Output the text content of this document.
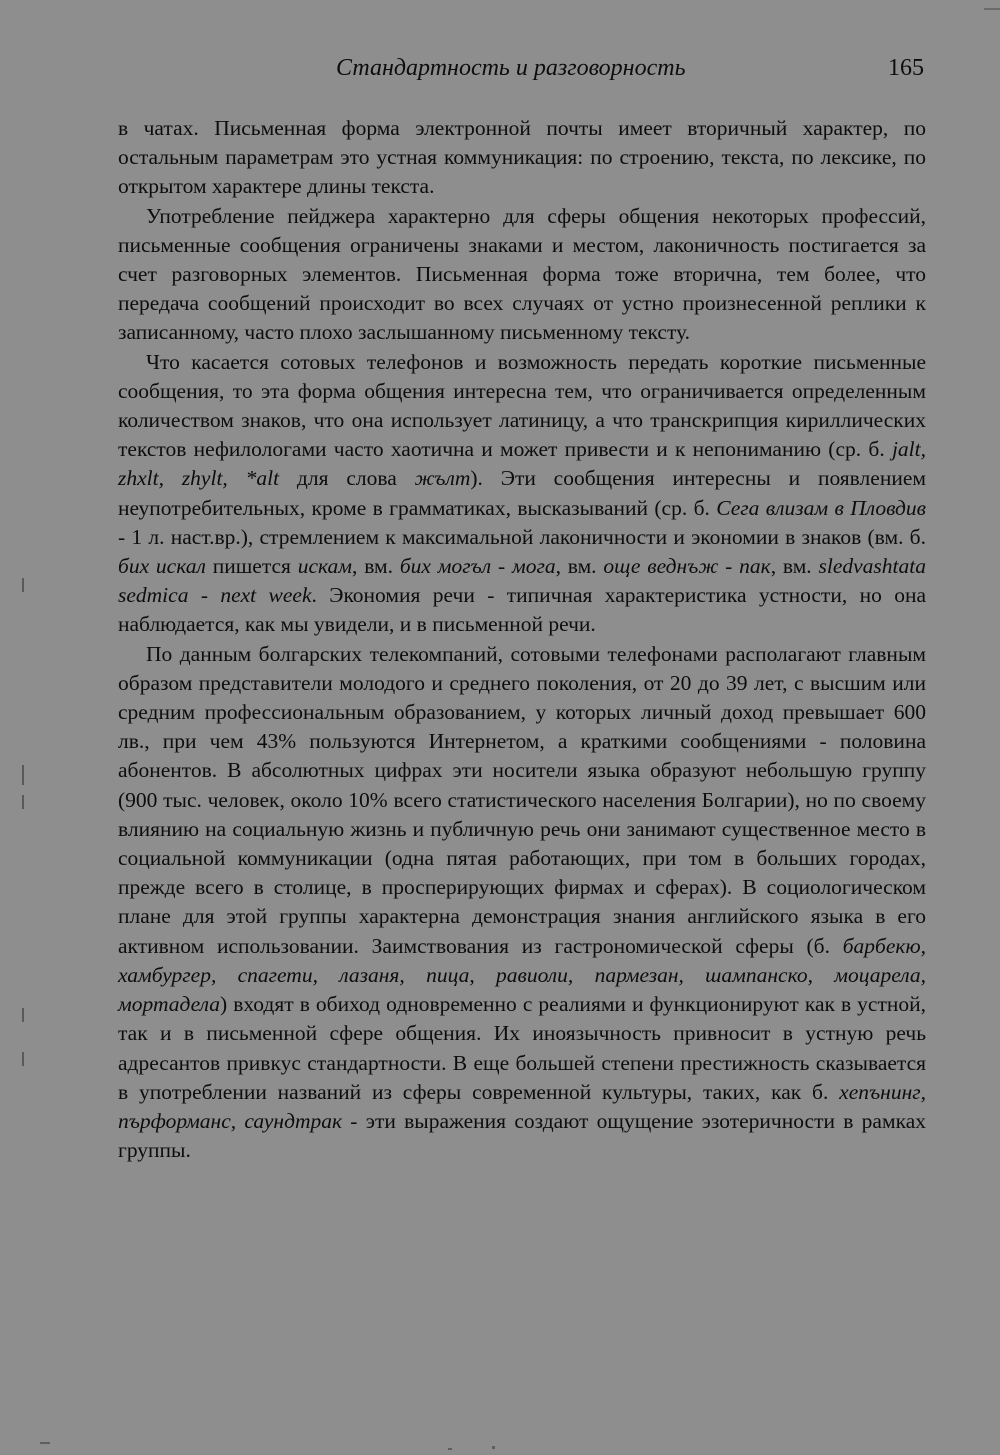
Стандартность и разговорность	165

в чатах. Письменная форма электронной почты имеет вторичный характер, по остальным параметрам это устная коммуникация: по строению, текста, по лексике, по открытом характере длины текста.

Употребление пейджера характерно для сферы общения некоторых профессий, письменные сообщения ограничены знаками и местом, лаконичность постигается за счет разговорных элементов. Письменная форма тоже вторична, тем более, что передача сообщений происходит во всех случаях от устно произнесенной реплики к записанному, часто плохо заслышанному письменному тексту.

Что касается сотовых телефонов и возможность передать короткие письменные сообщения, то эта форма общения интересна тем, что ограничивается определенным количеством знаков, что она использует латиницу, а что транскрипция кириллических текстов нефилологами часто хаотична и может привести и к непониманию (ср. б. jalt, zhxlt, zhylt, *alt для слова жълт). Эти сообщения интересны и появлением неупотребительных, кроме в грамматиках, высказываний (ср. б. Сега влизам в Пловдив - 1 л. наст.вр.), стремлением к максимальной лаконичности и экономии в знаков (вм. б. бих искал пишется искам, вм. бих могъл - мога, вм. още веднъж - пак, вм. sledvashtata sedmica - next week. Экономия речи - типичная характеристика устности, но она наблюдается, как мы увидели, и в письменной речи.

По данным болгарских телекомпаний, сотовыми телефонами располагают главным образом представители молодого и среднего поколения, от 20 до 39 лет, с высшим или средним профессиональным образованием, у которых личный доход превышает 600 лв., при чем 43% пользуются Интернетом, а краткими сообщениями - половина абонентов. В абсолютных цифрах эти носители языка образуют небольшую группу (900 тыс. человек, около 10% всего статистического населения Болгарии), но по своему влиянию на социальную жизнь и публичную речь они занимают существенное место в социальной коммуникации (одна пятая работающих, при том в больших городах, прежде всего в столице, в просперирующих фирмах и сферах). В социологическом плане для этой группы характерна демонстрация знания английского языка в его активном использовании. Заимствования из гастрономической сферы (б. барбекю, хамбургер, спагети, лазаня, пица, равиоли, пармезан, шампанско, моцарела, мортадела) входят в обиход одновременно с реалиями и функционируют как в устной, так и в письменной сфере общения. Их иноязычность привносит в устную речь адресантов привкус стандартности. В еще большей степени престижность сказывается в употреблении названий из сферы современной культуры, таких, как б. хепънинг, пърформанс, саундтрак - эти выражения создают ощущение эзотеричности в рамках группы.
